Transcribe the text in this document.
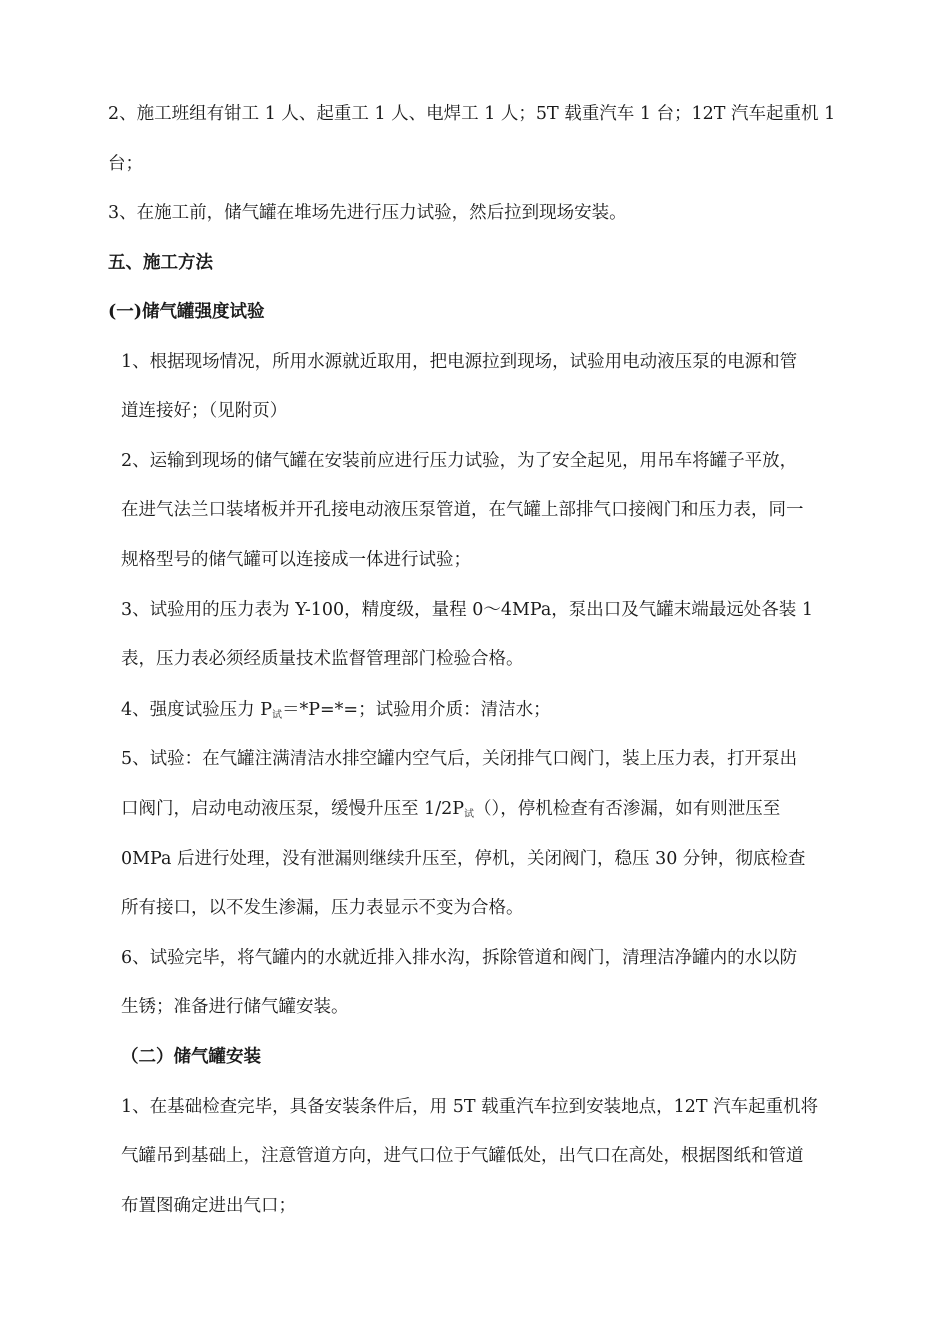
2、施工班组有钳工 1 人、起重工 1 人、电焊工 1 人；5T 载重汽车 1 台；12T 汽车起重机 1
台；
3、在施工前，储气罐在堆场先进行压力试验，然后拉到现场安装。
五、施工方法
(一)储气罐强度试验
1、根据现场情况，所用水源就近取用，把电源拉到现场，试验用电动液压泵的电源和管
道连接好；（见附页）
2、运输到现场的储气罐在安装前应进行压力试验，为了安全起见，用吊车将罐子平放，
在进气法兰口装堵板并开孔接电动液压泵管道，在气罐上部排气口接阀门和压力表，同一
规格型号的储气罐可以连接成一体进行试验；
3、试验用的压力表为 Y-100，精度级，量程 0～4MPa，泵出口及气罐末端最远处各装 1
表，压力表必须经质量技术监督管理部门检验合格。
4、强度试验压力 P试＝*P=*=；试验用介质：清洁水；
5、试验：在气罐注满清洁水排空罐内空气后，关闭排气口阀门，装上压力表，打开泵出
口阀门，启动电动液压泵，缓慢升压至 1/2P试（），停机检查有否渗漏，如有则泄压至
0MPa 后进行处理，没有泄漏则继续升压至，停机，关闭阀门，稳压 30 分钟，彻底检查
所有接口，以不发生渗漏，压力表显示不变为合格。
6、试验完毕，将气罐内的水就近排入排水沟，拆除管道和阀门，清理洁净罐内的水以防
生锈；准备进行储气罐安装。
（二）储气罐安装
1、在基础检查完毕，具备安装条件后，用 5T 载重汽车拉到安装地点，12T 汽车起重机将
气罐吊到基础上，注意管道方向，进气口位于气罐低处，出气口在高处，根据图纸和管道
布置图确定进出气口；
